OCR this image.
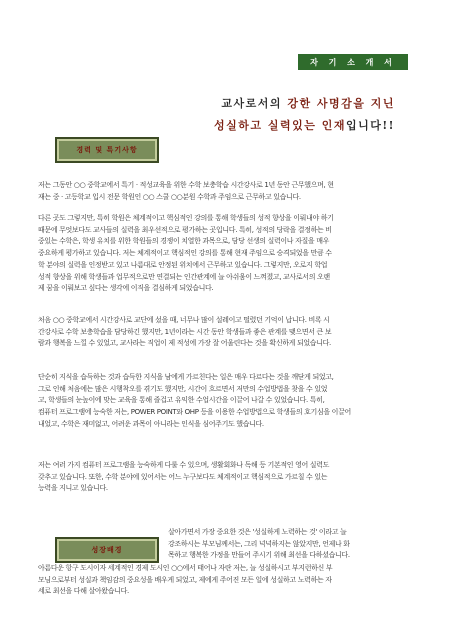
자 기 소 개 서
교사로서의 강한 사명감을 지닌
성실하고 실력있는 인재입니다!!
경력 및 특기사항
저는 그동안 ○○ 중학교에서 특기 · 적성교육을 위한 수학 보충학습 시간강사로 1년 동안 근무했으며, 현
재는 중 · 고등학교 입시 전문 학원인 ○○ 스쿨 ○○분원 수학과 주임으로 근무하고 있습니다.
다른 곳도 그렇지만, 특히 학원은 체계적이고 핵심적인 강의를 통해 학생들의 성적 향상을 이뤄내야 하기
때문에 무엇보다도 교사들의 실력을 최우선적으로 평가하는 곳입니다. 특히, 성적의 당락을 결정하는 비
중있는 수학은, 학생 유치를 위한 학원들의 경쟁이 치열한 과목으로, 담당 선생의 실력이나 자질을 매우
중요하게 평가하고 있습니다. 저는 체계적이고 핵심적인 강의를 통해 현재 주임으로 승격되었을 만큼 수
학 분야의 실력을 인정받고 있고 나름대로 안정된 위치에서 근무하고 있습니다. 그렇지만, 오로지 학업
성적 향상을 위해 학생들과 업무적으로만 연결되는 인간관계에 늘 아쉬움이 느껴졌고, 교사로서의 오랜
제 꿈을 이뤄보고 싶다는 생각에 이직을 결심하게 되었습니다.
처음 ○○ 중학교에서 시간강사로 교단에 섰을 때, 너무나 많이 설레이고 떨렸던 기억이 납니다. 비록 시
간강사로 수학 보충학습을 담당하긴 했지만, 1년이라는 시간 동안 학생들과 좋은 관계를 맺으면서 큰 보
람과 행복을 느낄 수 있었고, 교사라는 직업이 제 적성에 가장 잘 어울린다는 것을 확신하게 되었습니다.
단순히 지식을 습득하는 것과 습득한 지식을 남에게 가르친다는 일은 매우 다르다는 것을 깨닫게 되었고,
그로 인해 처음에는 많은 시행착오를 겪기도 했지만, 시간이 흐르면서 저만의 수업방법을 찾을 수 있었
고, 학생들의 눈높이에 맞는 교육을 통해 즐겁고 유익한 수업시간을 이끌어 나갈 수 있었습니다. 특히,
컴퓨터 프로그램에 능숙한 저는, POWER POINT와 OHP 등을 이용한 수업방법으로 학생들의 호기심을 이끌어
내었고, 수학은 재미없고, 어려운 과목이 아니라는 인식을 심어주기도 했습니다.
저는 여러 가지 컴퓨터 프로그램을 능숙하게 다룰 수 있으며, 생활회화나 독해 등 기본적인 영어 실력도
갖추고 있습니다. 또한, 수학 분야에 있어서는 어느 누구보다도 체계적이고 핵심적으로 가르칠 수 있는
능력을 지니고 있습니다.
성장배경
살아가면서 가장 중요한 것은 '성실하게 노력하는 것' 이라고 늘
강조하시는 부모님께서는, 그리 넉넉하지는 않았지만, 언제나 화
목하고 행복한 가정을 만들어 주시기 위해 최선을 다하셨습니다.
아름다운 항구 도시이자 세계적인 경제 도시인 ○○에서 태어나 자란 저는, 늘 성실하시고 부지런하신 부
모님으로부터 성실과 책임감의 중요성을 배우게 되었고, 제에게 주어진 모든 일에 성실하고 노력하는 자
세로 최선을 다해 살아왔습니다.
